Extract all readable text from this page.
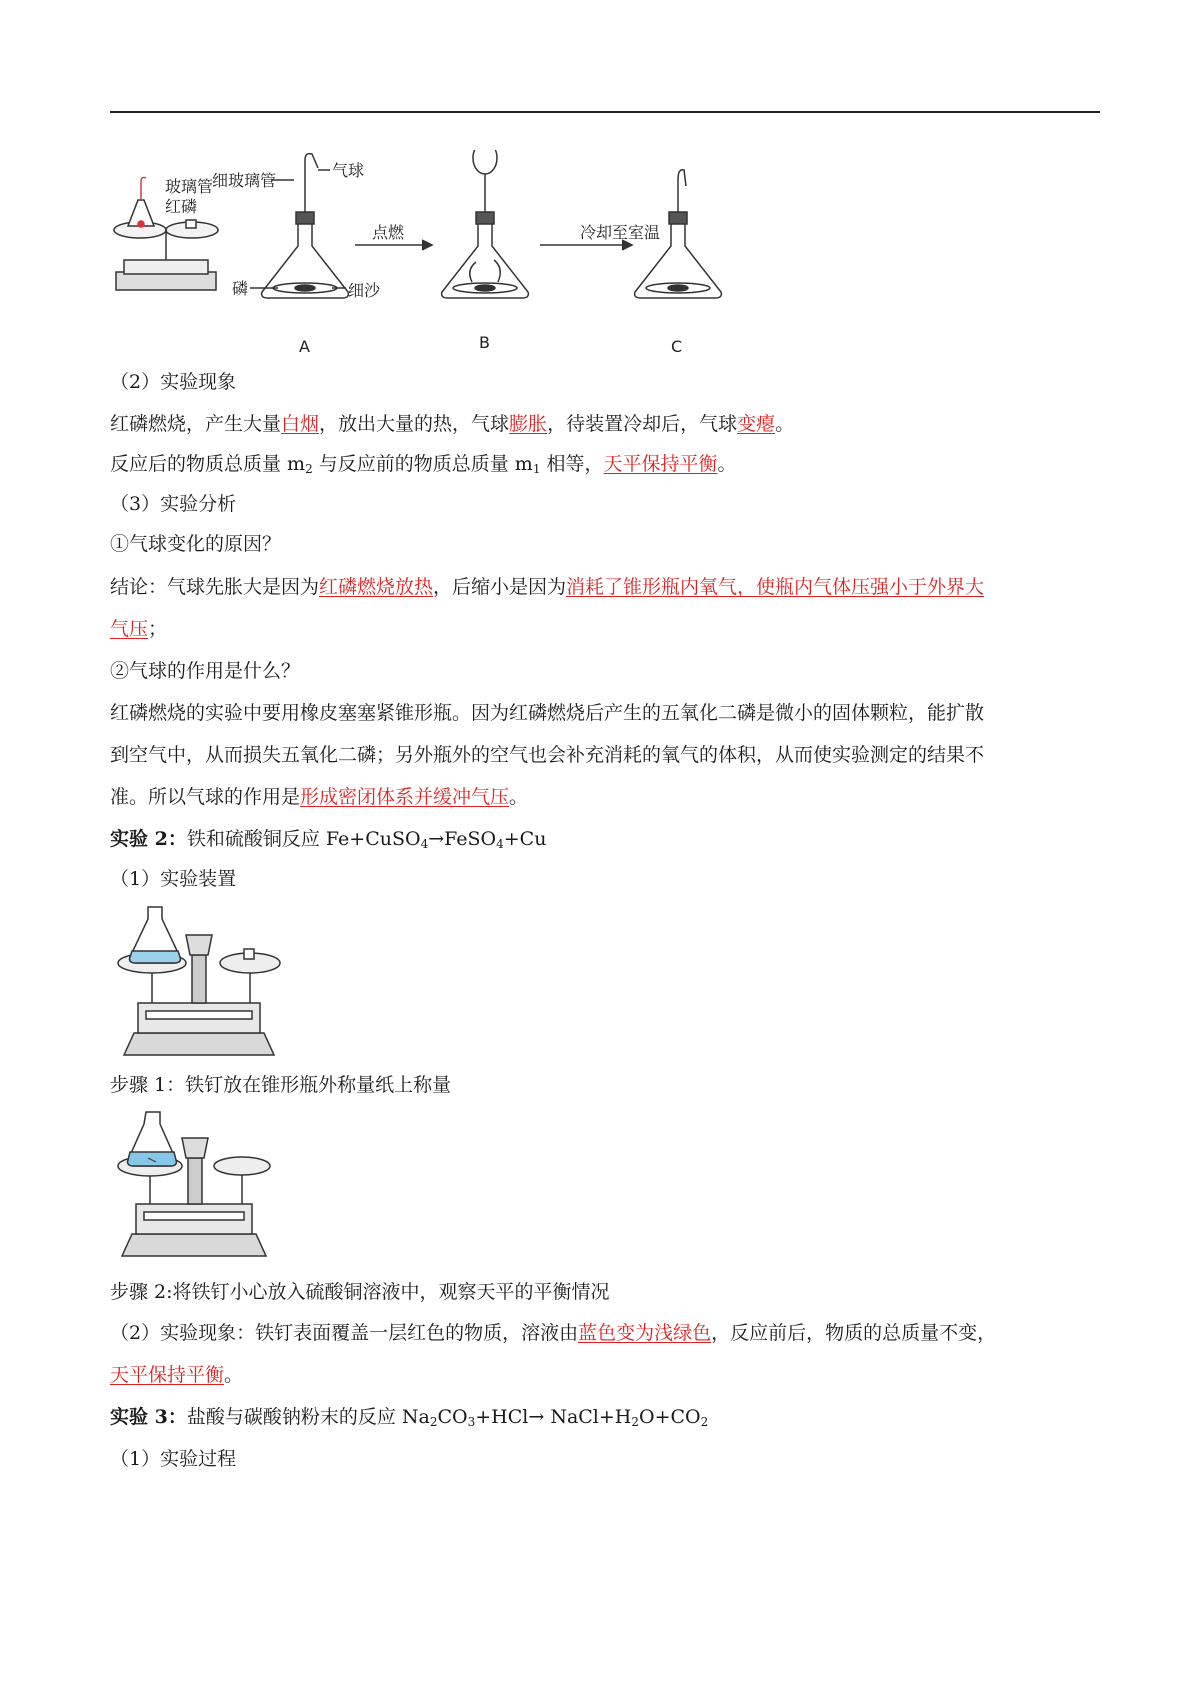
玻璃管
红磷
细玻璃管
气球
磷	细沙
点燃	冷却至室温
A	B	C
（2）实验现象
红磷燃烧，产生大量白烟，放出大量的热，气球膨胀，待装置冷却后，气球变瘪。
反应后的物质总质量 $m_2$ 与反应前的物质总质量 $m_1$ 相等，天平保持平衡。
（3）实验分析
①气球变化的原因？
结论：气球先胀大是因为红磷燃烧放热，后缩小是因为消耗了锥形瓶内氧气，使瓶内气体压强小于外界大
气压；
②气球的作用是什么？
红磷燃烧的实验中要用橡皮塞塞紧锥形瓶。因为红磷燃烧后产生的五氧化二磷是微小的固体颗粒，能扩散
到空气中，从而损失五氧化二磷；另外瓶外的空气也会补充消耗的氧气的体积，从而使实验测定的结果不
准。所以气球的作用是形成密闭体系并缓冲气压。
实验 2：铁和硫酸铜反应 Fe+CuSO$_4$→FeSO$_4$+Cu
（1）实验装置
步骤 1：铁钉放在锥形瓶外称量纸上称量
步骤 2:将铁钉小心放入硫酸铜溶液中，观察天平的平衡情况
（2）实验现象：铁钉表面覆盖一层红色的物质，溶液由蓝色变为浅绿色，反应前后，物质的总质量不变，
天平保持平衡。
实验 3：盐酸与碳酸钠粉末的反应 $Na_2CO_3+HCl\to$ $NaCl+H_2O+CO_2$
（1）实验过程
